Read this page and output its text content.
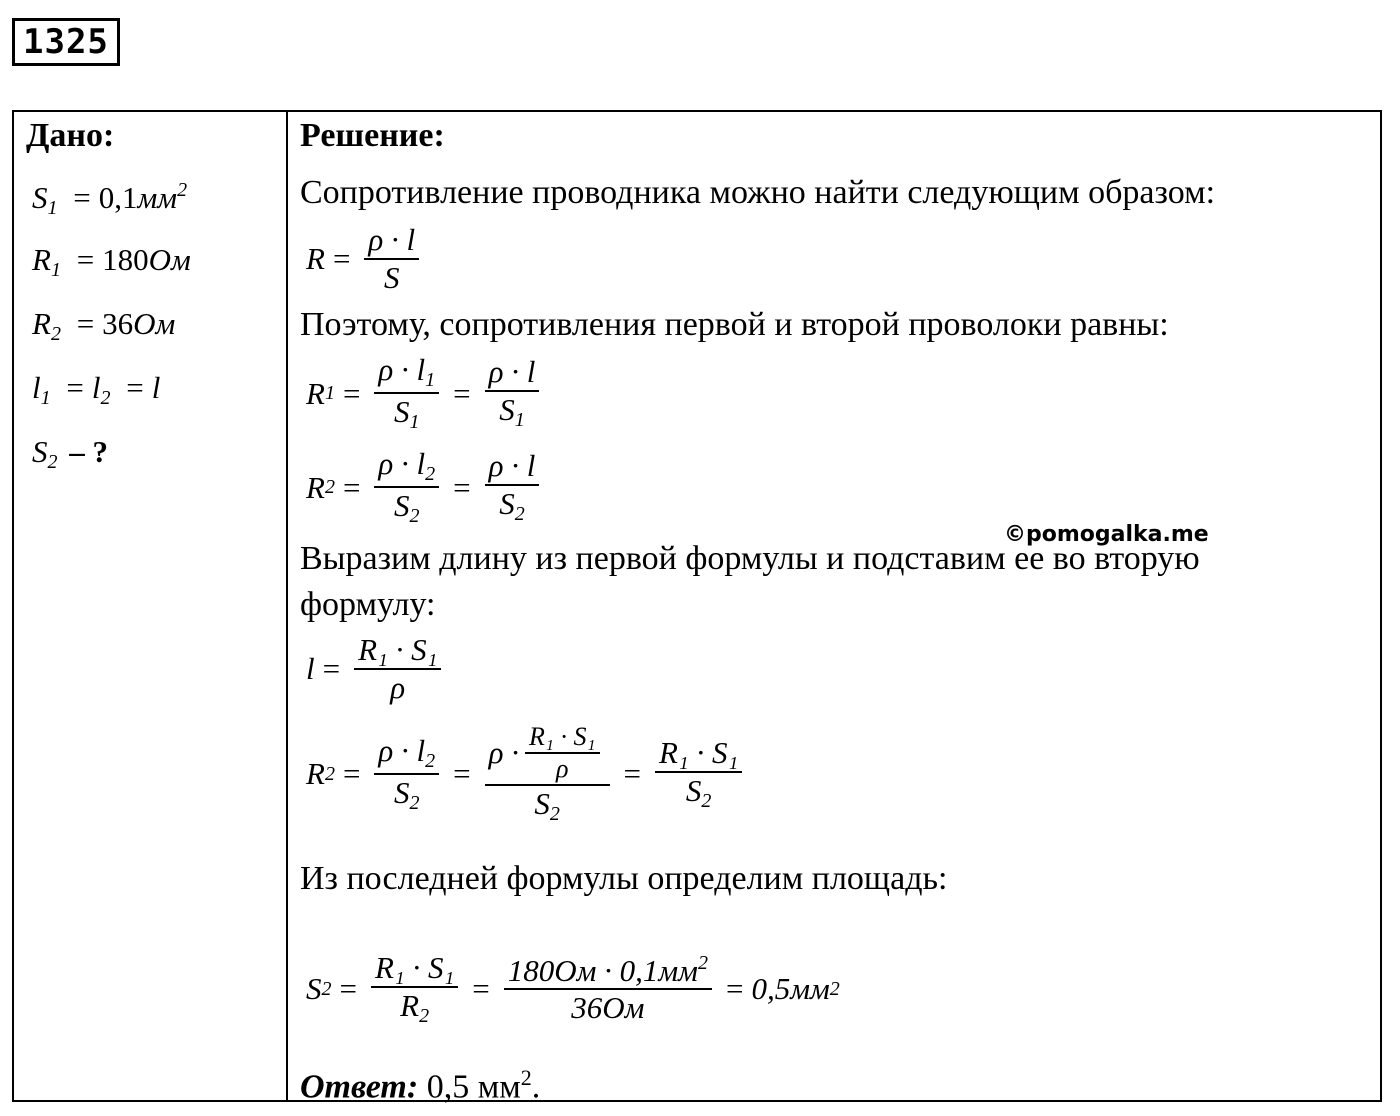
1325
Дано:
$S_1 = 0,1мм^2$
$R_1 = 180Ом$
$R_2 = 36Ом$
$l_1 = l_2 = l$
$S_2$ – ?
Решение:
Сопротивление проводника можно найти следующим образом:
$R = \frac{\rho \cdot l}{S}$
Поэтому, сопротивления первой и второй проволоки равны:
R $1 = \frac{\rho \cdot l_1}{S_1} = \frac{\rho \cdot l}{S_1}$
R $2 = \frac{\rho \cdot l_2}{S_2} = \frac{\rho \cdot l}{S_2}$
©pomogalka.me
Выразим длину из первой формулы и подставим ее во вторую
формулу:
$l = \frac{\text{R₁ · S₁}}{\rho}$
R $2 = \frac{\rho \cdot l_2}{S_2} = \frac{\rho \cdot \frac{\text{R₁ · S₁}}{\rho}}{S_2} = \frac{\text{R₁ · S₁}}{S_2}$
Из последней формулы определим площадь:
S $2 = \frac{\text{R₁ · S₁}}{R_2} = \frac{180Ом \cdot 0,1мм^2}{36Ом} = 0,5мм$ 2
Ответ: 0,5 $мм^2$.
